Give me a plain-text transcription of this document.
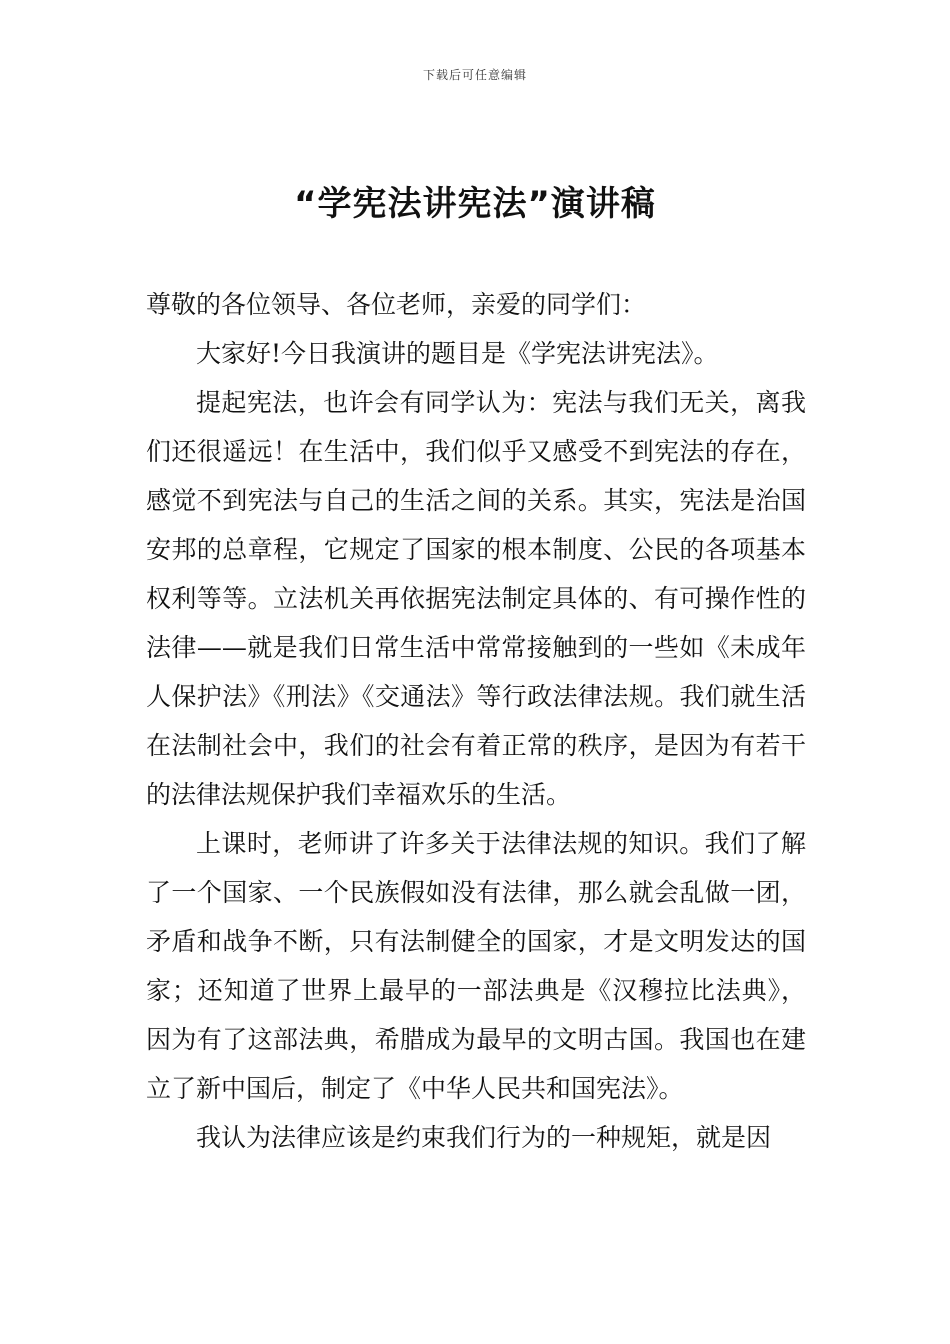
下载后可任意编辑
“学宪法讲宪法”演讲稿

尊敬的各位领导、各位老师，亲爱的同学们：

大家好!今日我演讲的题目是《学宪法讲宪法》。

提起宪法，也许会有同学认为：宪法与我们无关，离我们还很遥远！在生活中，我们似乎又感受不到宪法的存在，感觉不到宪法与自己的生活之间的关系。其实，宪法是治国安邦的总章程，它规定了国家的根本制度、公民的各项基本权利等等。立法机关再依据宪法制定具体的、有可操作性的法律——就是我们日常生活中常常接触到的一些如《未成年人保护法》《刑法》《交通法》等行政法律法规。我们就生活在法制社会中，我们的社会有着正常的秩序，是因为有若干的法律法规保护我们幸福欢乐的生活。

上课时，老师讲了许多关于法律法规的知识。我们了解了一个国家、一个民族假如没有法律，那么就会乱做一团，矛盾和战争不断，只有法制健全的国家，才是文明发达的国家；还知道了世界上最早的一部法典是《汉穆拉比法典》，因为有了这部法典，希腊成为最早的文明古国。我国也在建立了新中国后，制定了《中华人民共和国宪法》。

我认为法律应该是约束我们行为的一种规矩，就是因
